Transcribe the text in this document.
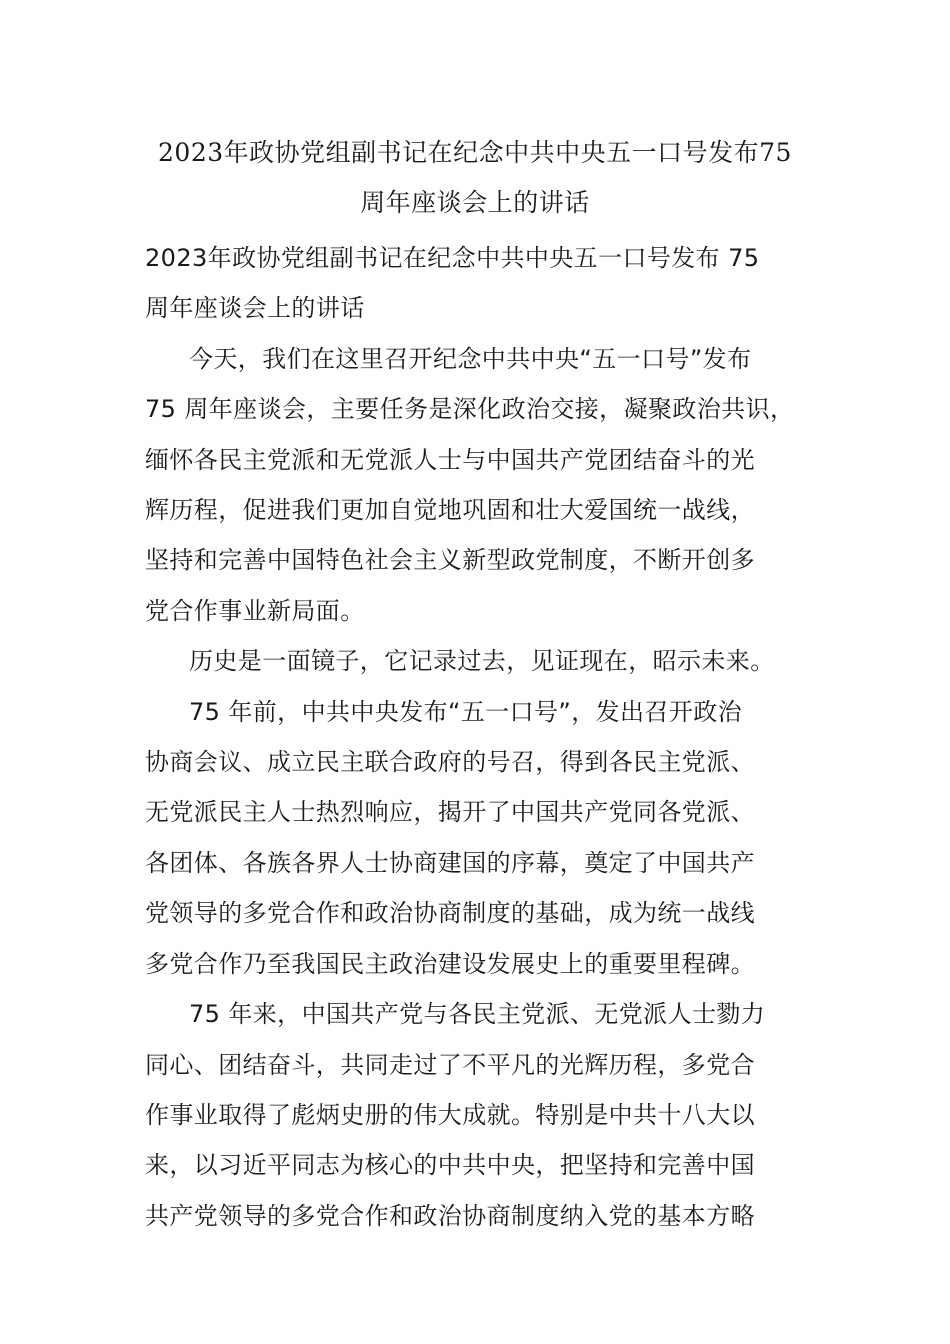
2023年政协党组副书记在纪念中共中央五一口号发布75
周年座谈会上的讲话
2023年政协党组副书记在纪念中共中央五一口号发布 75
周年座谈会上的讲话
今天，我们在这里召开纪念中共中央“五一口号”发布
75 周年座谈会，主要任务是深化政治交接，凝聚政治共识，
缅怀各民主党派和无党派人士与中国共产党团结奋斗的光
辉历程，促进我们更加自觉地巩固和壮大爱国统一战线，
坚持和完善中国特色社会主义新型政党制度，不断开创多
党合作事业新局面。
历史是一面镜子，它记录过去，见证现在，昭示未来。
75 年前，中共中央发布“五一口号”，发出召开政治
协商会议、成立民主联合政府的号召，得到各民主党派、
无党派民主人士热烈响应，揭开了中国共产党同各党派、
各团体、各族各界人士协商建国的序幕，奠定了中国共产
党领导的多党合作和政治协商制度的基础，成为统一战线
多党合作乃至我国民主政治建设发展史上的重要里程碑。
75 年来，中国共产党与各民主党派、无党派人士勠力
同心、团结奋斗，共同走过了不平凡的光辉历程，多党合
作事业取得了彪炳史册的伟大成就。特别是中共十八大以
来，以习近平同志为核心的中共中央，把坚持和完善中国
共产党领导的多党合作和政治协商制度纳入党的基本方略
